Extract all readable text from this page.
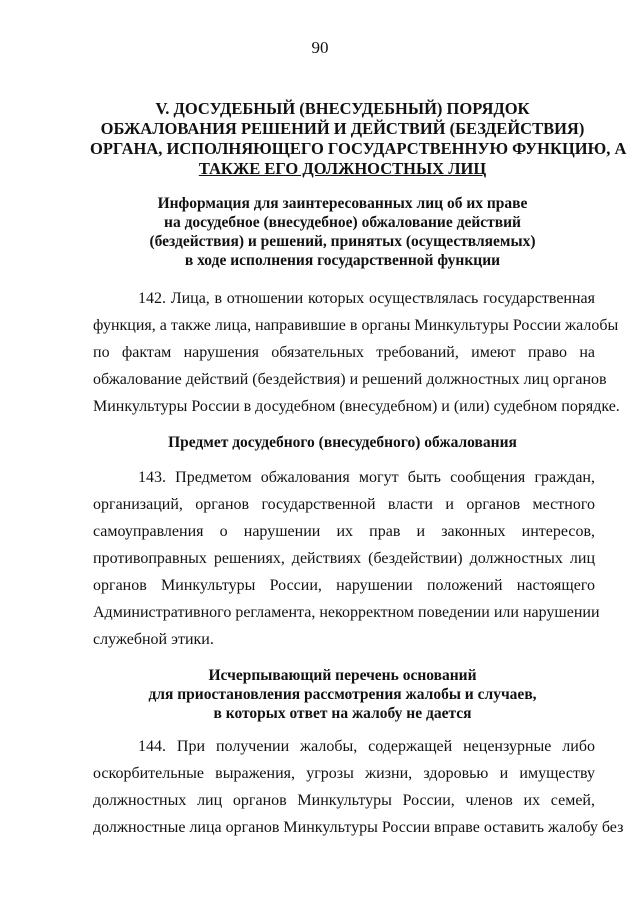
90
V. ДОСУДЕБНЫЙ (ВНЕСУДЕБНЫЙ) ПОРЯДОК
ОБЖАЛОВАНИЯ РЕШЕНИЙ И ДЕЙСТВИЙ (БЕЗДЕЙСТВИЯ)
ОРГАНА, ИСПОЛНЯЮЩЕГО ГОСУДАРСТВЕННУЮ ФУНКЦИЮ, А
ТАКЖЕ ЕГО ДОЛЖНОСТНЫХ ЛИЦ
Информация для заинтересованных лиц об их праве
на досудебное (внесудебное) обжалование действий
(бездействия) и решений, принятых (осуществляемых)
в ходе исполнения государственной функции
142. Лица, в отношении которых осуществлялась государственная
функция, а также лица, направившие в органы Минкультуры России жалобы
по фактам нарушения обязательных требований, имеют право на
обжалование действий (бездействия) и решений должностных лиц органов
Минкультуры России в досудебном (внесудебном) и (или) судебном порядке.
Предмет досудебного (внесудебного) обжалования
143. Предметом обжалования могут быть сообщения граждан,
организаций, органов государственной власти и органов местного
самоуправления о нарушении их прав и законных интересов,
противоправных решениях, действиях (бездействии) должностных лиц
органов Минкультуры России, нарушении положений настоящего
Административного регламента, некорректном поведении или нарушении
служебной этики.
Исчерпывающий перечень оснований
для приостановления рассмотрения жалобы и случаев,
в которых ответ на жалобу не дается
144. При получении жалобы, содержащей нецензурные либо
оскорбительные выражения, угрозы жизни, здоровью и имуществу
должностных лиц органов Минкультуры России, членов их семей,
должностные лица органов Минкультуры России вправе оставить жалобу без
